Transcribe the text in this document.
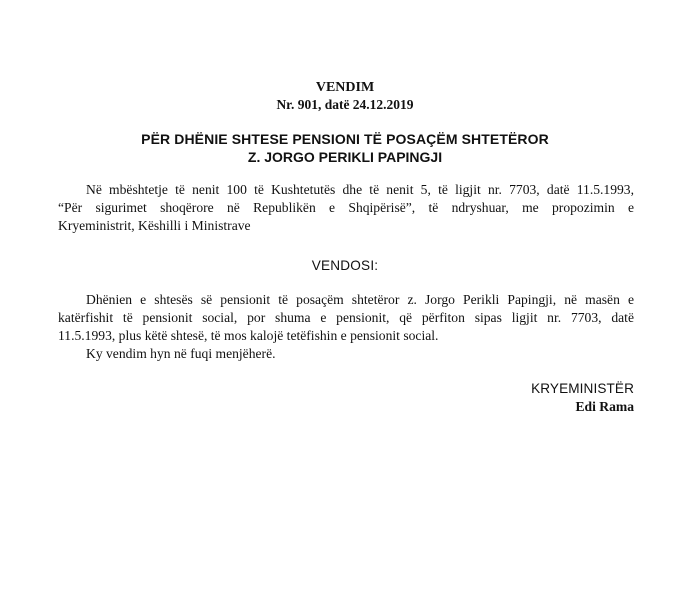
VENDIM
Nr. 901, datë 24.12.2019
PËR DHËNIE SHTESE PENSIONI TË POSAÇËM SHTETËROR
Z. JORGO PERIKLI PAPINGJI
Në mbështetje të nenit 100 të Kushtetutës dhe të nenit 5, të ligjit nr. 7703, datë 11.5.1993,
“Për sigurimet shoqërore në Republikën e Shqipërisë”, të ndryshuar, me propozimin e
Kryeministrit, Këshilli i Ministrave
VENDOSI:
Dhënien e shtesës së pensionit të posaçëm shtetëror z. Jorgo Perikli Papingji, në masën e
katërfishit të pensionit social, por shuma e pensionit, që përfiton sipas ligjit nr. 7703, datë
11.5.1993, plus këtë shtesë, të mos kalojë tetëfishin e pensionit social.
Ky vendim hyn në fuqi menjëherë.
KRYEMINISTËR
Edi Rama
